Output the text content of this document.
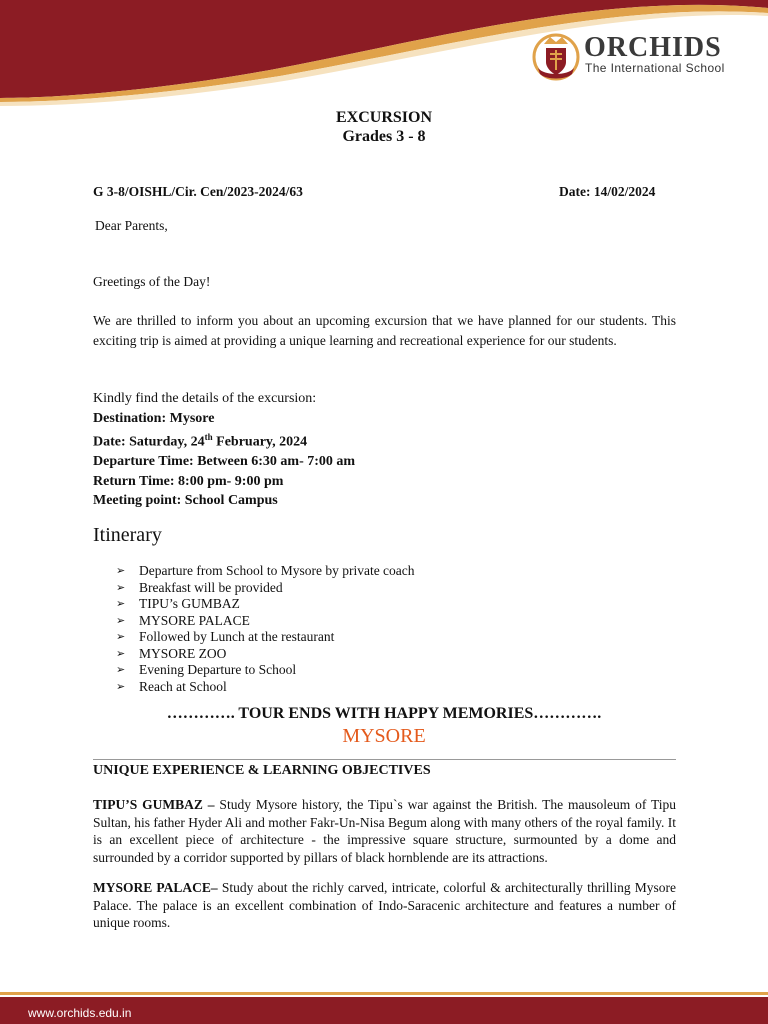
ORCHIDS
The International School
EXCURSION
Grades 3 - 8
G 3-8/OISHL/Cir. Cen/2023-2024/63	Date: 14/02/2024
Dear Parents,
Greetings of the Day!
We are thrilled to inform you about an upcoming excursion that we have planned for our students. This exciting trip is aimed at providing a unique learning and recreational experience for our students.
Kindly find the details of the excursion:
Destination: Mysore
Date: Saturday, 24th February, 2024
Departure Time: Between 6:30 am- 7:00 am
Return Time: 8:00 pm- 9:00 pm
Meeting point: School Campus
Itinerary
➢	Departure from School to Mysore by private coach
➢	Breakfast will be provided
➢	TIPU’s GUMBAZ
➢	MYSORE PALACE
➢	Followed by Lunch at the restaurant
➢	MYSORE ZOO
➢	Evening Departure to School
➢	Reach at School
…………. TOUR ENDS WITH HAPPY MEMORIES………….
MYSORE
UNIQUE EXPERIENCE & LEARNING OBJECTIVES
TIPU’S GUMBAZ – Study Mysore history, the Tipu`s war against the British. The mausoleum of Tipu Sultan, his father Hyder Ali and mother Fakr-Un-Nisa Begum along with many others of the royal family. It is an excellent piece of architecture - the impressive square structure, surmounted by a dome and surrounded by a corridor supported by pillars of black hornblende are its attractions.
MYSORE PALACE– Study about the richly carved, intricate, colorful & architecturally thrilling Mysore Palace. The palace is an excellent combination of Indo-Saracenic architecture and features a number of unique rooms.
www.orchids.edu.in
